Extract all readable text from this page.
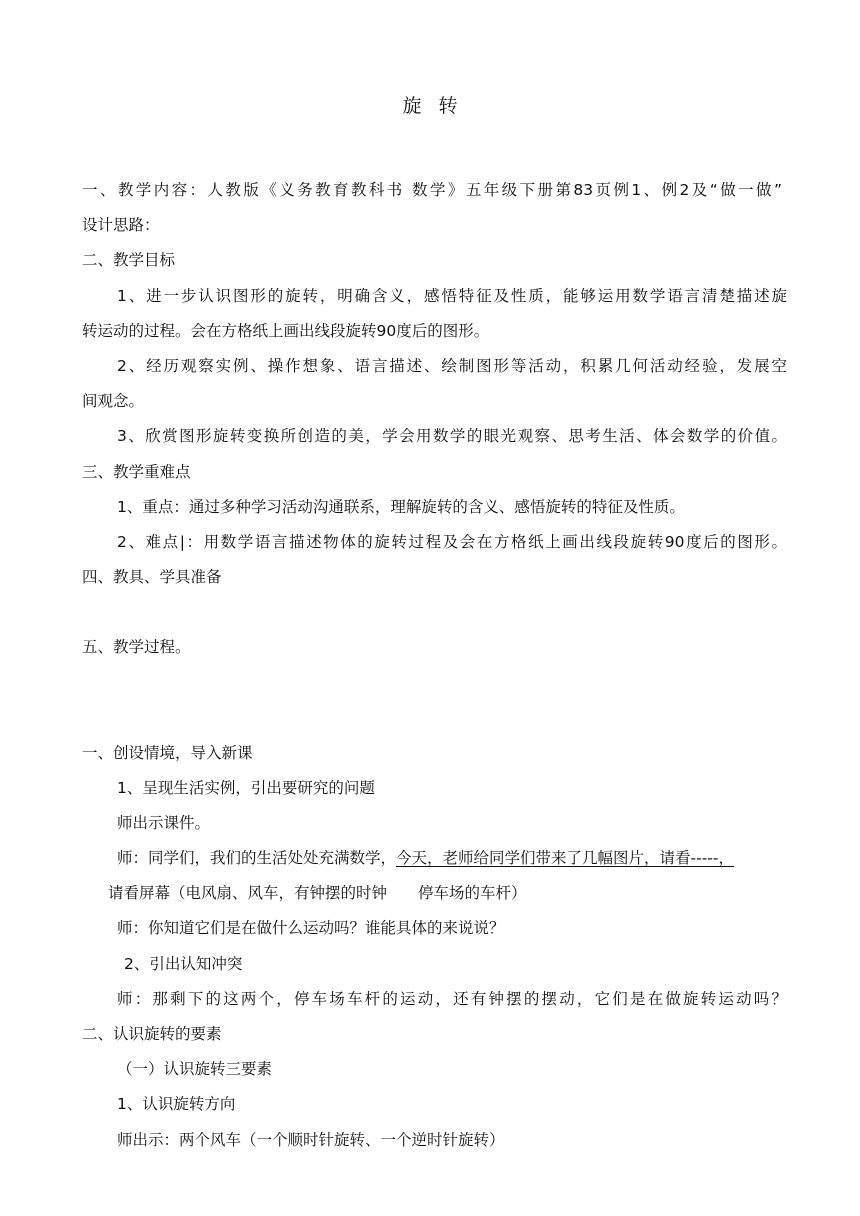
旋 转
一、教学内容：人教版《义务教育教科书 数学》五年级下册第83页例1、例2及“做一做”
设计思路：
二、教学目标
1、进一步认识图形的旋转，明确含义，感悟特征及性质，能够运用数学语言清楚描述旋
转运动的过程。会在方格纸上画出线段旋转90度后的图形。
2、经历观察实例、操作想象、语言描述、绘制图形等活动，积累几何活动经验，发展空
间观念。
3、欣赏图形旋转变换所创造的美，学会用数学的眼光观察、思考生活、体会数学的价值。
三、教学重难点
1、重点：通过多种学习活动沟通联系，理解旋转的含义、感悟旋转的特征及性质。
2、难点|：用数学语言描述物体的旋转过程及会在方格纸上画出线段旋转90度后的图形。
四、教具、学具准备
五、教学过程。
一、创设情境，导入新课
1、呈现生活实例，引出要研究的问题
师出示课件。
师：同学们，我们的生活处处充满数学，今天，老师给同学们带来了几幅图片，请看-----，
请看屏幕（电风扇、风车，有钟摆的时钟　　停车场的车杆）
师：你知道它们是在做什么运动吗？谁能具体的来说说？
2、引出认知冲突
师：那剩下的这两个，停车场车杆的运动，还有钟摆的摆动，它们是在做旋转运动吗？
二、认识旋转的要素
（一）认识旋转三要素
1、认识旋转方向
师出示：两个风车（一个顺时针旋转、一个逆时针旋转）
